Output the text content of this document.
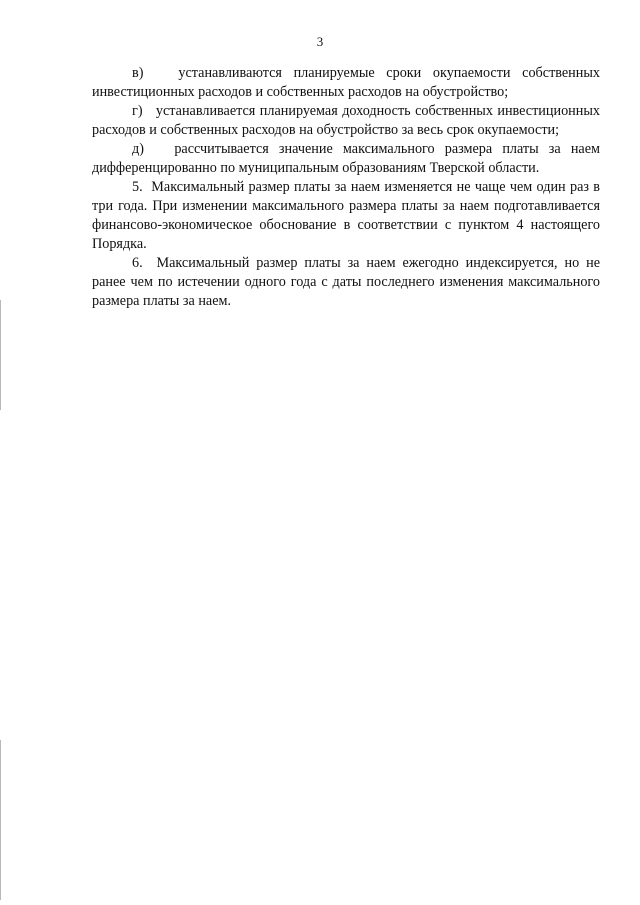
3

в)   устанавливаются планируемые сроки окупаемости собственных инвестиционных расходов и собственных расходов на обустройство;

г)   устанавливается планируемая доходность собственных инвестиционных расходов и собственных расходов на обустройство за весь срок окупаемости;

д)   рассчитывается значение максимального размера платы за наем дифференцированно по муниципальным образованиям Тверской области.

5.  Максимальный размер платы за наем изменяется не чаще чем один раз в три года. При изменении максимального размера платы за наем подготавливается финансово-экономическое обоснование в соответствии с пунктом 4 настоящего Порядка.

6.  Максимальный размер платы за наем ежегодно индексируется, но не ранее чем по истечении одного года с даты последнего изменения максимального размера платы за наем.
